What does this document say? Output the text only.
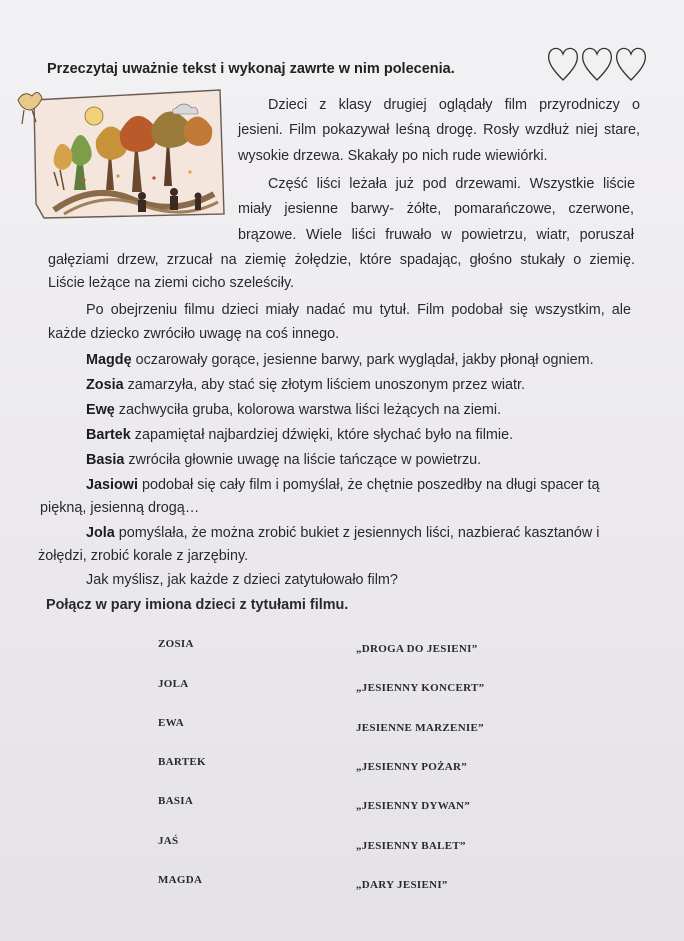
Przeczytaj uważnie tekst i wykonaj zawrte w nim polecenia.
Dzieci z klasy drugiej oglądały film przyrodniczy o
jesieni. Film pokazywał leśną drogę. Rosły wzdłuż niej stare,
wysokie drzewa. Skakały po nich rude wiewiórki.
Część liści leżała już pod drzewami. Wszystkie liście
miały jesienne barwy- żółte, pomarańczowe, czerwone,
brązowe. Wiele liści fruwało w powietrzu, wiatr, poruszał
gałęziami drzew, zrzucał na ziemię żołędzie, które spadając, głośno stukały o ziemię.
Liście leżące na ziemi cicho szeleściły.
Po obejrzeniu filmu dzieci miały nadać mu tytuł. Film podobał się wszystkim, ale
każde dziecko zwróciło uwagę na coś innego.
Magdę oczarowały gorące, jesienne barwy, park wyglądał, jakby płonął ogniem.
Zosia zamarzyła, aby stać się złotym liściem unoszonym przez wiatr.
Ewę zachwyciła gruba, kolorowa warstwa liści leżących na ziemi.
Bartek zapamiętał najbardziej dźwięki, które słychać było na filmie.
Basia zwróciła głownie uwagę na liście tańczące w powietrzu.
Jasiowi podobał się cały film i pomyślał, że chętnie poszedłby na długi spacer tą
piękną, jesienną drogą…
Jola pomyślała, że można zrobić bukiet z jesiennych liści, nazbierać kasztanów i
żołędzi, zrobić korale z jarzębiny.
Jak myślisz, jak każde z dzieci zatytułowało film?
Połącz w pary imiona dzieci z tytułami filmu.
ZOSIA
JOLA
EWA
BARTEK
BASIA
JAŚ
MAGDA
„DROGA DO JESIENI”
„JESIENNY KONCERT”
JESIENNE MARZENIE”
„JESIENNY POŻAR”
„JESIENNY DYWAN”
„JESIENNY BALET”
„DARY JESIENI”
